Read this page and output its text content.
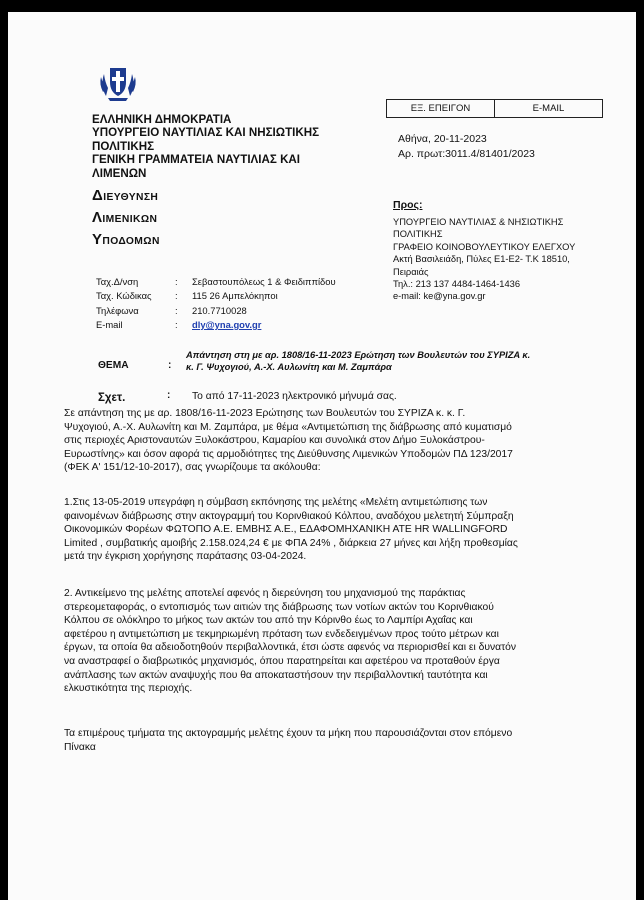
ΕΛΛΗΝΙΚΗ ΔΗΜΟΚΡΑΤΙΑ
ΥΠΟΥΡΓΕΙΟ ΝΑΥΤΙΛΙΑΣ ΚΑΙ ΝΗΣΙΩΤΙΚΗΣ
ΠΟΛΙΤΙΚΗΣ
ΓΕΝΙΚΗ ΓΡΑΜΜΑΤΕΙΑ ΝΑΥΤΙΛΙΑΣ ΚΑΙ
ΛΙΜΕΝΩΝ
ΔΙΕΥΘΥΝΣΗ
ΛΙΜΕΝΙΚΩΝ
ΥΠΟΔΟΜΩΝ
ΕΞ. ΕΠΕΙΓΟΝ	E-MAIL
Αθήνα, 20-11-2023
Αρ. πρωτ:3011.4/81401/2023
Προς:
ΥΠΟΥΡΓΕΙΟ ΝΑΥΤΙΛΙΑΣ & ΝΗΣΙΩΤΙΚΗΣ
ΠΟΛΙΤΙΚΗΣ
ΓΡΑΦΕΙΟ ΚΟΙΝΟΒΟΥΛΕΥΤΙΚΟΥ ΕΛΕΓΧΟΥ
Ακτή Βασιλειάδη, Πύλες Ε1-Ε2- Τ.Κ 18510,
Πειραιάς
Τηλ.: 213 137 4484-1464-1436
e-mail: ke@yna.gov.gr
Ταχ.Δ/νση	: Σεβαστουπόλεως 1 & Φειδιππίδου
Ταχ. Κώδικας : 115 26 Αμπελόκηποι
Τηλέφωνα	: 210.7710028
E-mail	: dly@yna.gov.gr
ΘΕΜΑ	:
Απάντηση στη με αρ. 1808/16-11-2023 Ερώτηση των Βουλευτών του ΣΥΡΙΖΑ κ.
κ. Γ. Ψυχογιού, Α.-Χ. Αυλωνίτη και Μ. Ζαμπάρα
Σχετ.	: Το από 17-11-2023 ηλεκτρονικό μήνυμά σας.
Σε απάντηση της με αρ. 1808/16-11-2023 Ερώτησης των Βουλευτών του ΣΥΡΙΖΑ κ. κ. Γ.
Ψυχογιού, Α.-Χ. Αυλωνίτη και Μ. Ζαμπάρα, με θέμα «Αντιμετώπιση της διάβρωσης από κυματισμό
στις περιοχές Αριστοναυτών Ξυλοκάστρου, Καμαρίου και συνολικά στον Δήμο Ξυλοκάστρου-
Ευρωστίνης» και όσον αφορά τις αρμοδιότητες της Διεύθυνσης Λιμενικών Υποδομών ΠΔ 123/2017
(ΦΕΚ Α' 151/12-10-2017), σας γνωρίζουμε τα ακόλουθα:
1.Στις 13-05-2019 υπεγράφη η σύμβαση εκπόνησης της μελέτης «Μελέτη αντιμετώπισης των
φαινομένων διάβρωσης στην ακτογραμμή του Κορινθιακού Κόλπου, αναδόχου μελετητή Σύμπραξη
Οικονομικών Φορέων ΦΩΤΟΠΟ Α.Ε. ΕΜΒΗΣ Α.Ε., ΕΔΑΦΟΜΗΧΑΝΙΚΗ ΑΤΕ HR WALLINGFORD
Limited , συμβατικής αμοιβής 2.158.024,24 € με ΦΠΑ 24% , διάρκεια 27 μήνες και λήξη προθεσμίας
μετά την έγκριση χορήγησης παράτασης 03-04-2024.
2. Αντικείμενο της μελέτης αποτελεί αφενός η διερεύνηση του μηχανισμού της παράκτιας
στερεομεταφοράς, ο εντοπισμός των αιτιών της διάβρωσης των νοτίων ακτών του Κορινθιακού
Κόλπου σε ολόκληρο το μήκος των ακτών του από την Κόρινθο έως το Λαμπίρι Αχαΐας και
αφετέρου η αντιμετώπιση με τεκμηριωμένη πρόταση των ενδεδειγμένων προς τούτο μέτρων και
έργων, τα οποία θα αδειοδοτηθούν περιβαλλοντικά, έτσι ώστε αφενός να περιορισθεί και ει δυνατόν
να αναστραφεί ο διαβρωτικός μηχανισμός, όπου παρατηρείται και αφετέρου να προταθούν έργα
ανάπλασης των ακτών αναψυχής που θα αποκαταστήσουν την περιβαλλοντική ταυτότητα και
ελκυστικότητα της περιοχής.
Τα επιμέρους τμήματα της ακτογραμμής μελέτης έχουν τα μήκη που παρουσιάζονται στον επόμενο
Πίνακα
